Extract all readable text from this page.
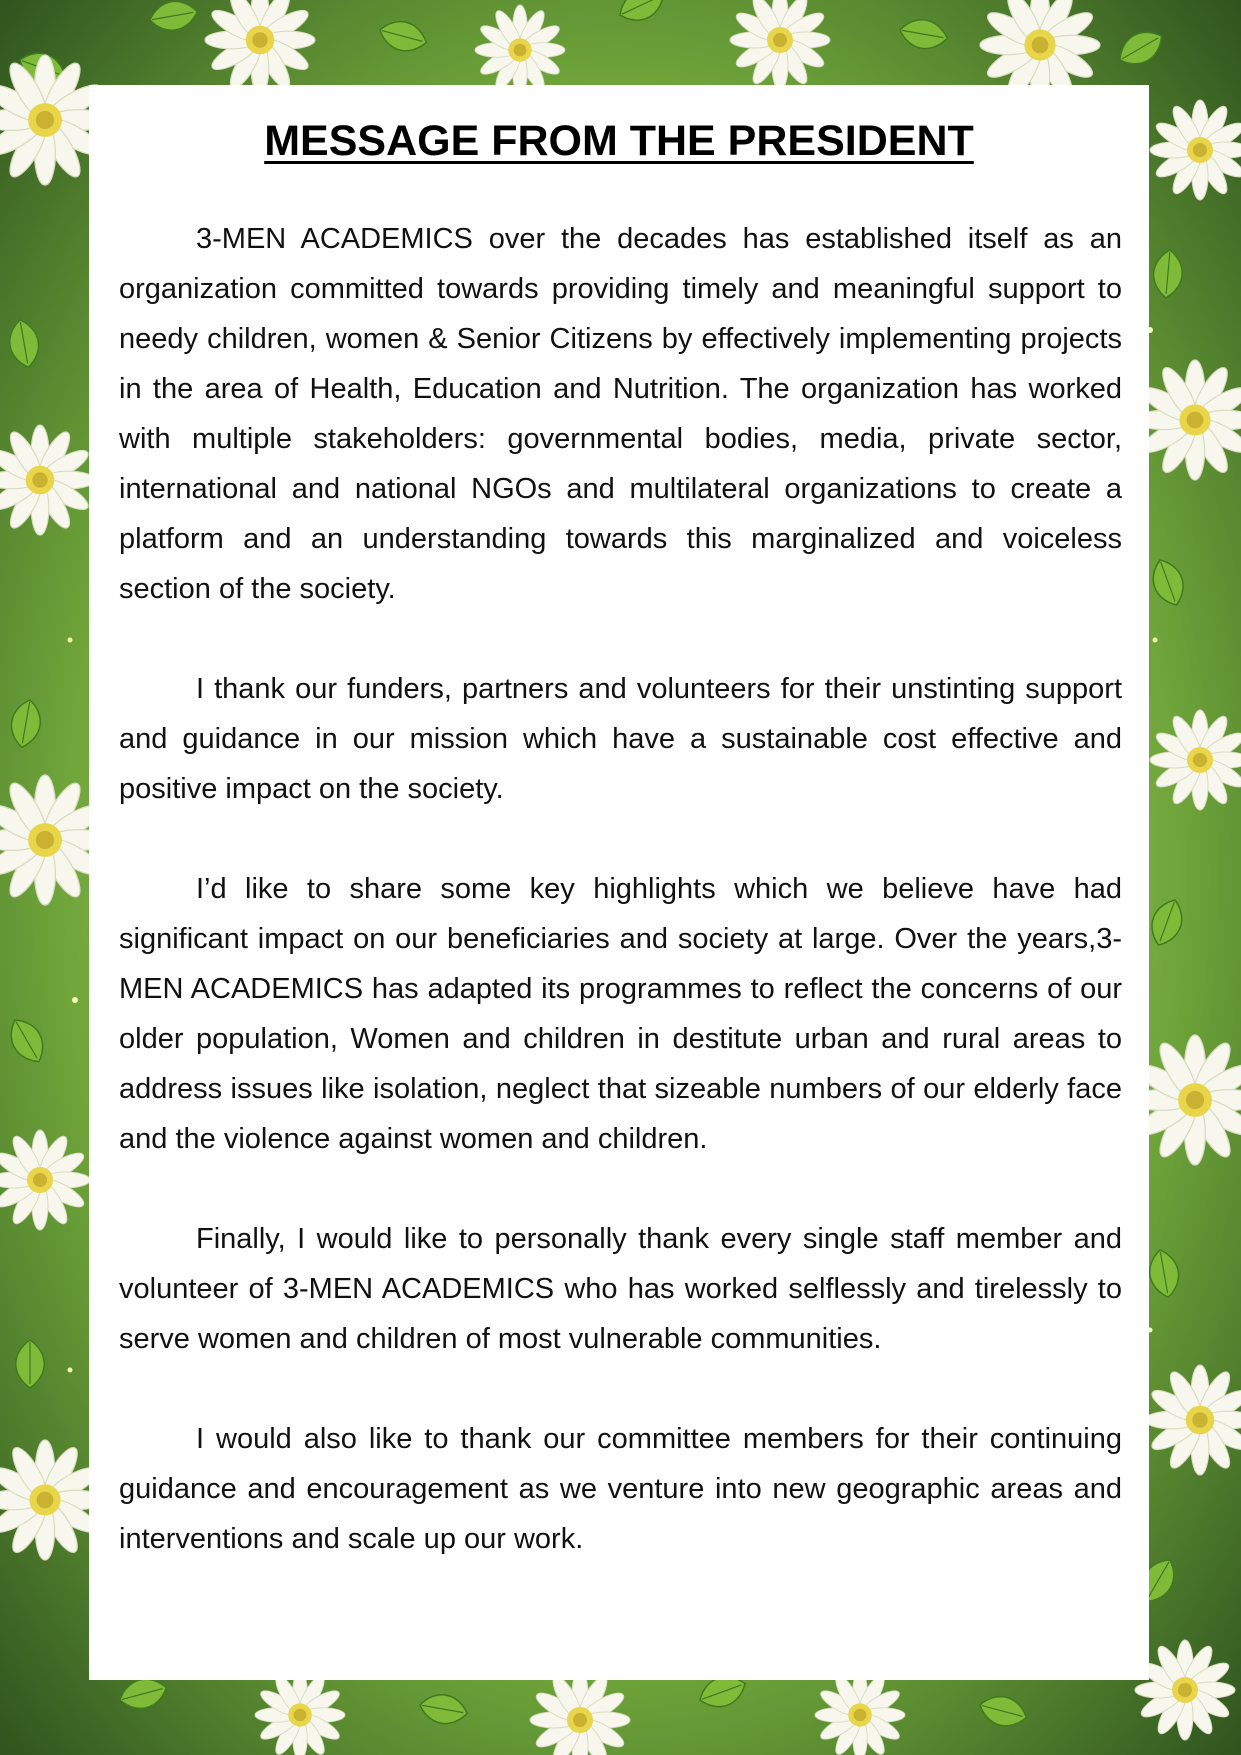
MESSAGE FROM THE PRESIDENT

3-MEN ACADEMICS over the decades has established itself as an organization committed towards providing timely and meaningful support to needy children, women & Senior Citizens by effectively implementing projects in the area of Health, Education and Nutrition. The organization has worked with multiple stakeholders: governmental bodies, media, private sector, international and national NGOs and multilateral organizations to create a platform and an understanding towards this marginalized and voiceless section of the society.

I thank our funders, partners and volunteers for their unstinting support and guidance in our mission which have a sustainable cost effective and positive impact on the society.

I’d like to share some key highlights which we believe have had significant impact on our beneficiaries and society at large. Over the years,3-MEN ACADEMICS has adapted its programmes to reflect the concerns of our older population, Women and children in destitute urban and rural areas to address issues like isolation, neglect that sizeable numbers of our elderly face and the violence against women and children.

Finally, I would like to personally thank every single staff member and volunteer of 3-MEN ACADEMICS who has worked selflessly and tirelessly to serve women and children of most vulnerable communities.

I would also like to thank our committee members for their continuing guidance and encouragement as we venture into new geographic areas and interventions and scale up our work.
